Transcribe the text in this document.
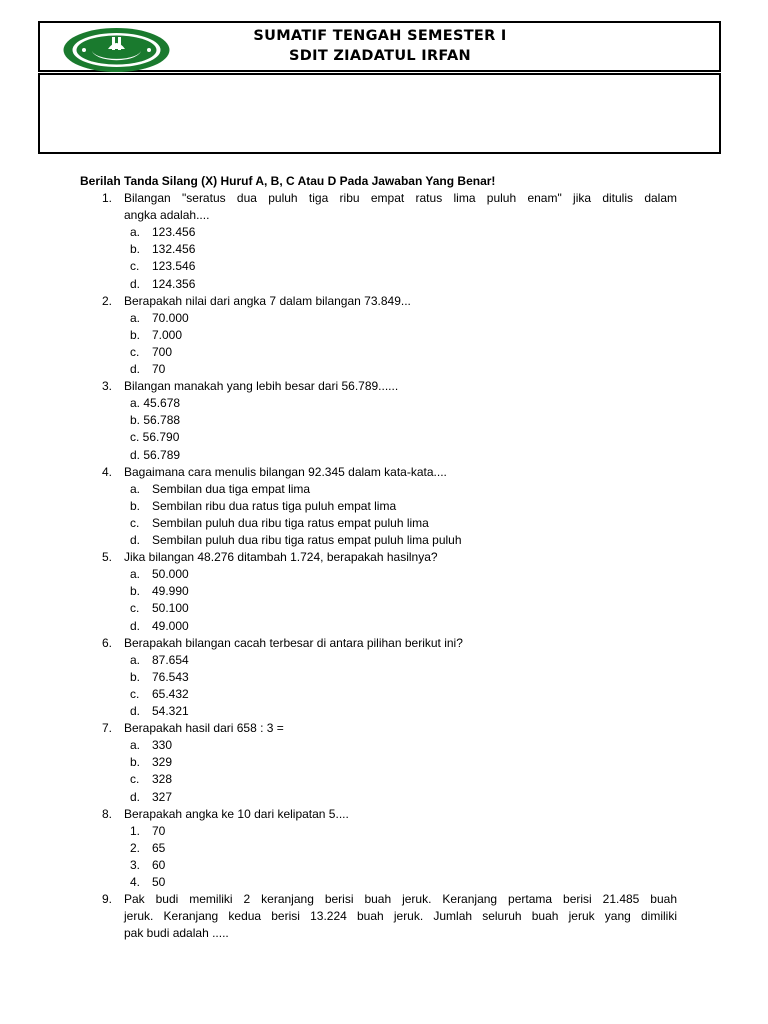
SUMATIF TENGAH SEMESTER I
SDIT ZIADATUL IRFAN
Berilah Tanda Silang (X) Huruf A, B, C Atau D Pada Jawaban Yang Benar!
1. Bilangan "seratus dua puluh tiga ribu empat ratus lima puluh enam" jika ditulis dalam
angka adalah....
a. 123.456
b. 132.456
c. 123.546
d. 124.356
2. Berapakah nilai dari angka 7 dalam bilangan 73.849...
a. 70.000
b. 7.000
c. 700
d. 70
3. Bilangan manakah yang lebih besar dari 56.789......
a. 45.678
b. 56.788
c. 56.790
d. 56.789
4. Bagaimana cara menulis bilangan 92.345 dalam kata-kata....
a. Sembilan dua tiga empat lima
b. Sembilan ribu dua ratus tiga puluh empat lima
c. Sembilan puluh dua ribu tiga ratus empat puluh lima
d. Sembilan puluh dua ribu tiga ratus empat puluh lima puluh
5. Jika bilangan 48.276 ditambah 1.724, berapakah hasilnya?
a. 50.000
b. 49.990
c. 50.100
d. 49.000
6. Berapakah bilangan cacah terbesar di antara pilihan berikut ini?
a. 87.654
b. 76.543
c. 65.432
d. 54.321
7. Berapakah hasil dari 658 : 3 =
a. 330
b. 329
c. 328
d. 327
8. Berapakah angka ke 10 dari kelipatan 5....
1. 70
2. 65
3. 60
4. 50
9. Pak budi memiliki 2 keranjang berisi buah jeruk. Keranjang pertama berisi 21.485 buah
jeruk. Keranjang kedua berisi 13.224 buah jeruk. Jumlah seluruh buah jeruk yang dimiliki
pak budi adalah .....
